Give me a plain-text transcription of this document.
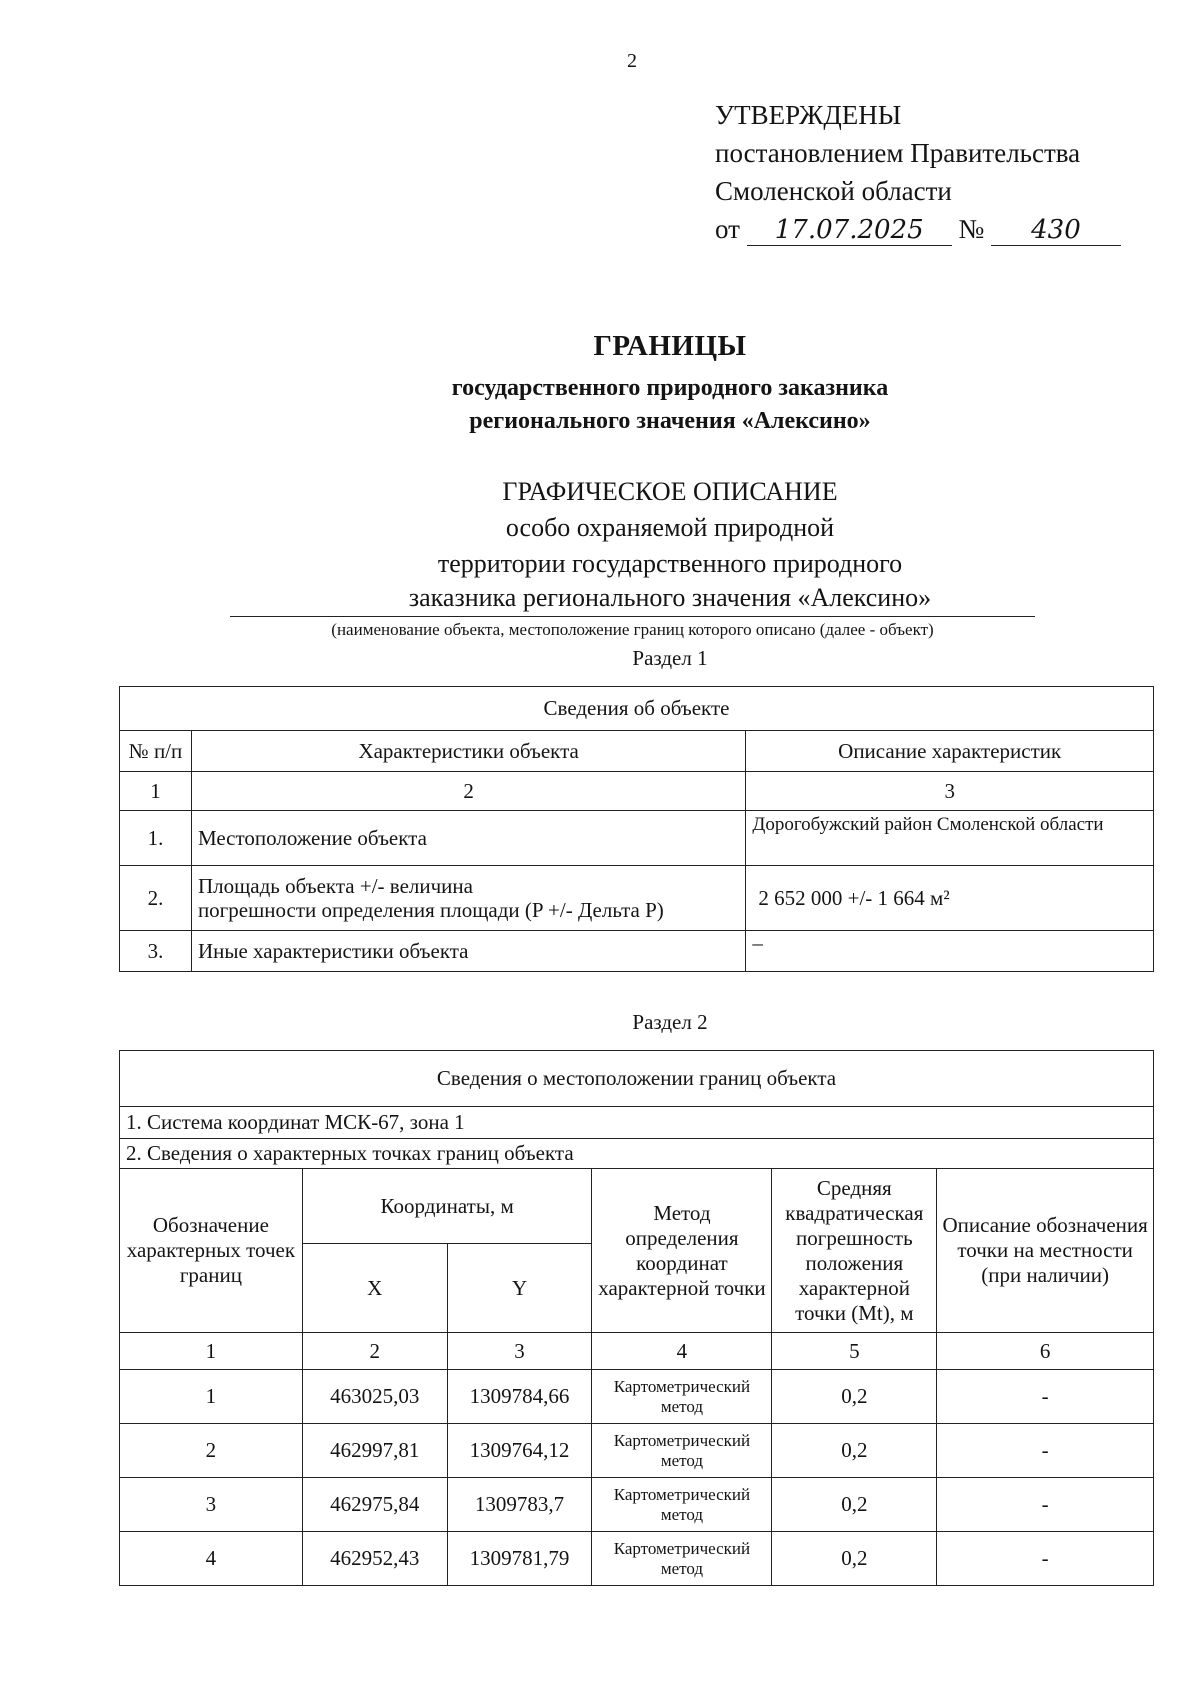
2
УТВЕРЖДЕНЫ
постановлением Правительства
Смоленской области
от 17.07.2025 № 430
ГРАНИЦЫ
государственного природного заказника
регионального значения «Алексино»
ГРАФИЧЕСКОЕ ОПИСАНИЕ
особо охраняемой природной
территории государственного природного
заказника регионального значения «Алексино»
(наименование объекта, местоположение границ которого описано (далее - объект)
Раздел 1
Сведения об объекте		
№ п/п	Характеристики объекта	Описание характеристик
1	2	3
1.	Местоположение объекта	Дорогобужский район Смоленской области
2.	Площадь объекта +/- величина
погрешности определения площади (P +/- Дельта P)	2 652 000 +/- 1 664 м²
3.	Иные характеристики объекта	–
Раздел 2
Сведения о местоположении границ объекта					
1. Система координат МСК-67, зона 1					
2. Сведения о характерных точках границ объекта					
Обозначение характерных точек границ	Координаты, м		Метод определения координат характерной точки	Средняя квадратическая погрешность положения характерной точки (Mt), м	Описание обозначения точки на местности (при наличии)
	X	Y			
1	2	3	4	5	6
1	463025,03	1309784,66	Картометрический метод	0,2	-
2	462997,81	1309764,12	Картометрический метод	0,2	-
3	462975,84	1309783,7	Картометрический метод	0,2	-
4	462952,43	1309781,79	Картометрический метод	0,2	-
